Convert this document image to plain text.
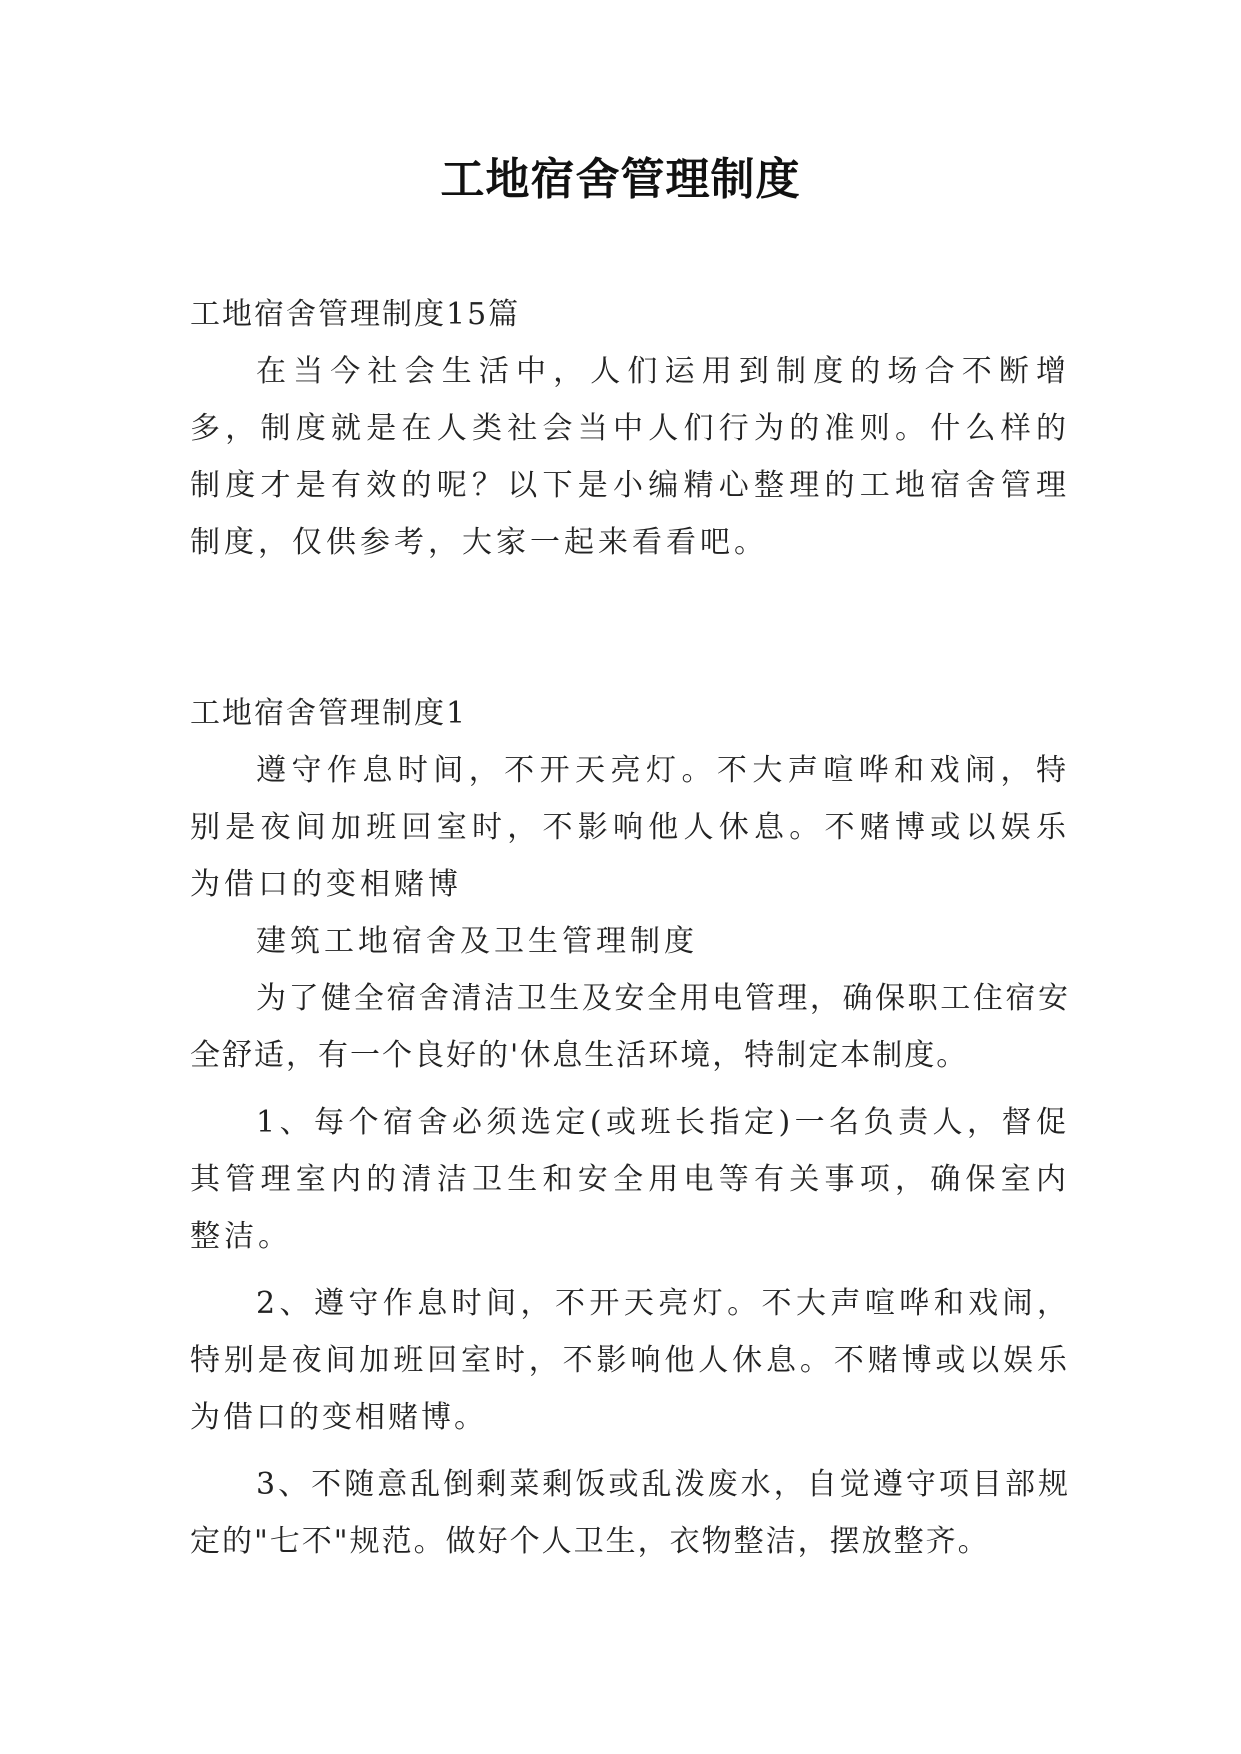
工地宿舍管理制度
工地宿舍管理制度15篇

在当今社会生活中，人们运用到制度的场合不断增多，制度就是在人类社会当中人们行为的准则。什么样的制度才是有效的呢？以下是小编精心整理的工地宿舍管理制度，仅供参考，大家一起来看看吧。

工地宿舍管理制度1

遵守作息时间，不开天亮灯。不大声喧哗和戏闹，特别是夜间加班回室时，不影响他人休息。不赌博或以娱乐为借口的变相赌博

建筑工地宿舍及卫生管理制度

为了健全宿舍清洁卫生及安全用电管理，确保职工住宿安全舒适，有一个良好的'休息生活环境，特制定本制度。

1、每个宿舍必须选定(或班长指定)一名负责人，督促其管理室内的清洁卫生和安全用电等有关事项，确保室内整洁。

2、遵守作息时间，不开天亮灯。不大声喧哗和戏闹，特别是夜间加班回室时，不影响他人休息。不赌博或以娱乐为借口的变相赌博。

3、不随意乱倒剩菜剩饭或乱泼废水，自觉遵守项目部规定的"七不"规范。做好个人卫生，衣物整洁，摆放整齐。
